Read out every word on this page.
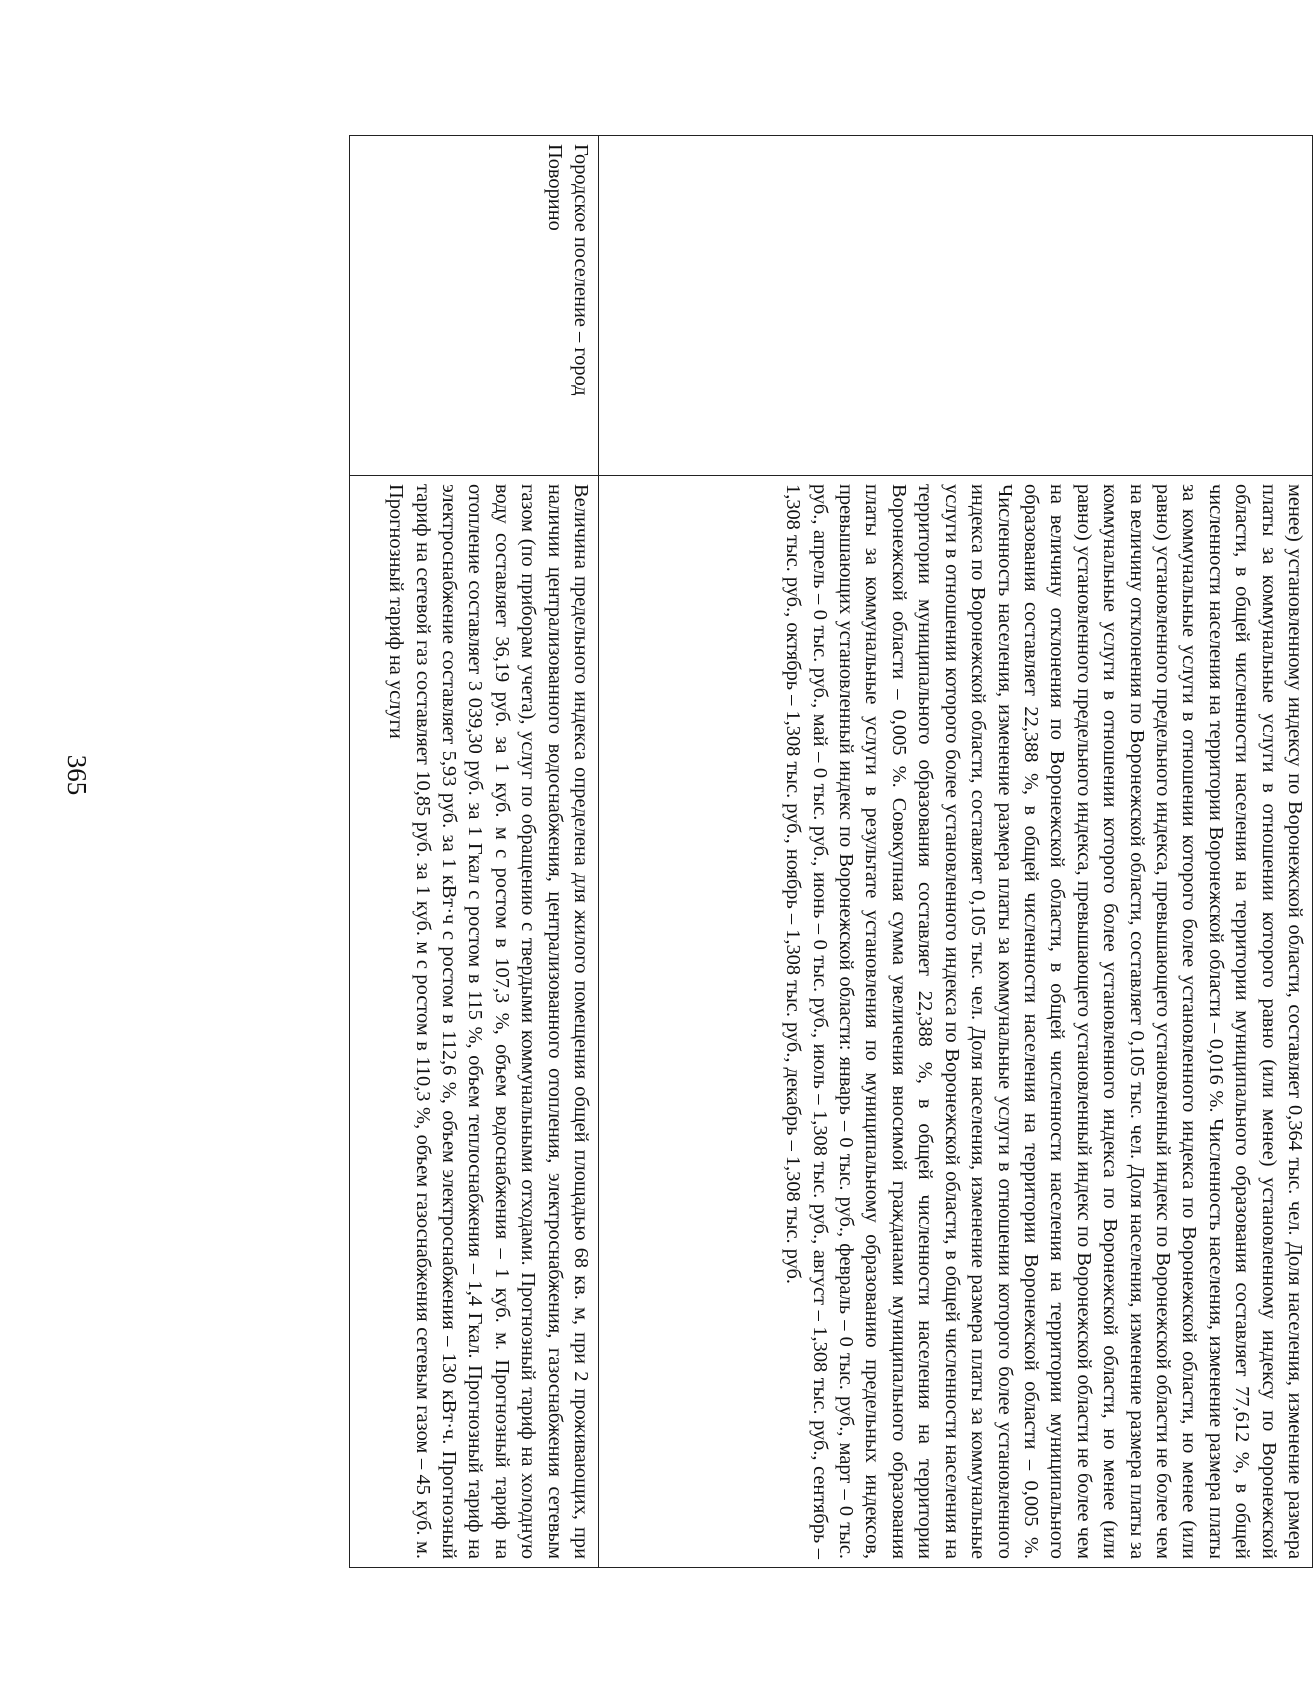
365

	менее) установленному индексу по Воронежской области, составляет 0,364 тыс. чел. Доля населения, изменение размера платы за коммунальные услуги в отношении которого равно (или менее) установленному индексу по Воронежской области, в общей численности населения на территории муниципального образования составляет 77,612 %, в общей численности населения на территории Воронежской области – 0,016 %. Численность населения, изменение размера платы за коммунальные услуги в отношении которого более установленного индекса по Воронежской области, но менее (или равно) установленного предельного индекса, превышающего установленный индекс по Воронежской области не более чем на величину отклонения по Воронежской области, составляет 0,105 тыс. чел. Доля населения, изменение размера платы за коммунальные услуги в отношении которого более установленного индекса по Воронежской области, но менее (или равно) установленного предельного индекса, превышающего установленный индекс по Воронежской области не более чем на величину отклонения по Воронежской области, в общей численности населения на территории муниципального образования составляет 22,388 %, в общей численности населения на территории Воронежской области – 0,005 %. Численность населения, изменение размера платы за коммунальные услуги в отношении которого более установленного индекса по Воронежской области, составляет 0,105 тыс. чел. Доля населения, изменение размера платы за коммунальные услуги в отношении которого более установленного индекса по Воронежской области, в общей численности населения на территории муниципального образования составляет 22,388 %, в общей численности населения на территории Воронежской области – 0,005 %. Совокупная сумма увеличения вносимой гражданами муниципального образования платы за коммунальные услуги в результате установления по муниципальному образованию предельных индексов, превышающих установленный индекс по Воронежской области: январь – 0 тыс. руб., февраль – 0 тыс. руб., март – 0 тыс. руб., апрель – 0 тыс. руб., май – 0 тыс. руб., июнь – 0 тыс. руб., июль – 1,308 тыс. руб., август – 1,308 тыс. руб., сентябрь – 1,308 тыс. руб., октябрь – 1,308 тыс. руб., ноябрь – 1,308 тыс. руб., декабрь – 1,308 тыс. руб.

Городское поселение – город Поворино	Величина предельного индекса определена для жилого помещения общей площадью 68 кв. м, при 2 проживающих, при наличии централизованного водоснабжения, централизованного отопления, электроснабжения, газоснабжения сетевым газом (по приборам учета), услуг по обращению с твердыми коммунальными отходами. Прогнозный тариф на холодную воду составляет 36,19 руб. за 1 куб. м с ростом в 107,3 %, объем водоснабжения – 1 куб. м. Прогнозный тариф на отопление составляет 3 039,30 руб. за 1 Гкал с ростом в 115 %, объем теплоснабжения – 1,4 Гкал. Прогнозный тариф на электроснабжение составляет 5,93 руб. за 1 кВт·ч с ростом в 112,6 %, объем электроснабжения – 130 кВт·ч. Прогнозный тариф на сетевой газ составляет 10,85 руб. за 1 куб. м с ростом в 110,3 %, объем газоснабжения сетевым газом – 45 куб. м. Прогнозный тариф на услуги
